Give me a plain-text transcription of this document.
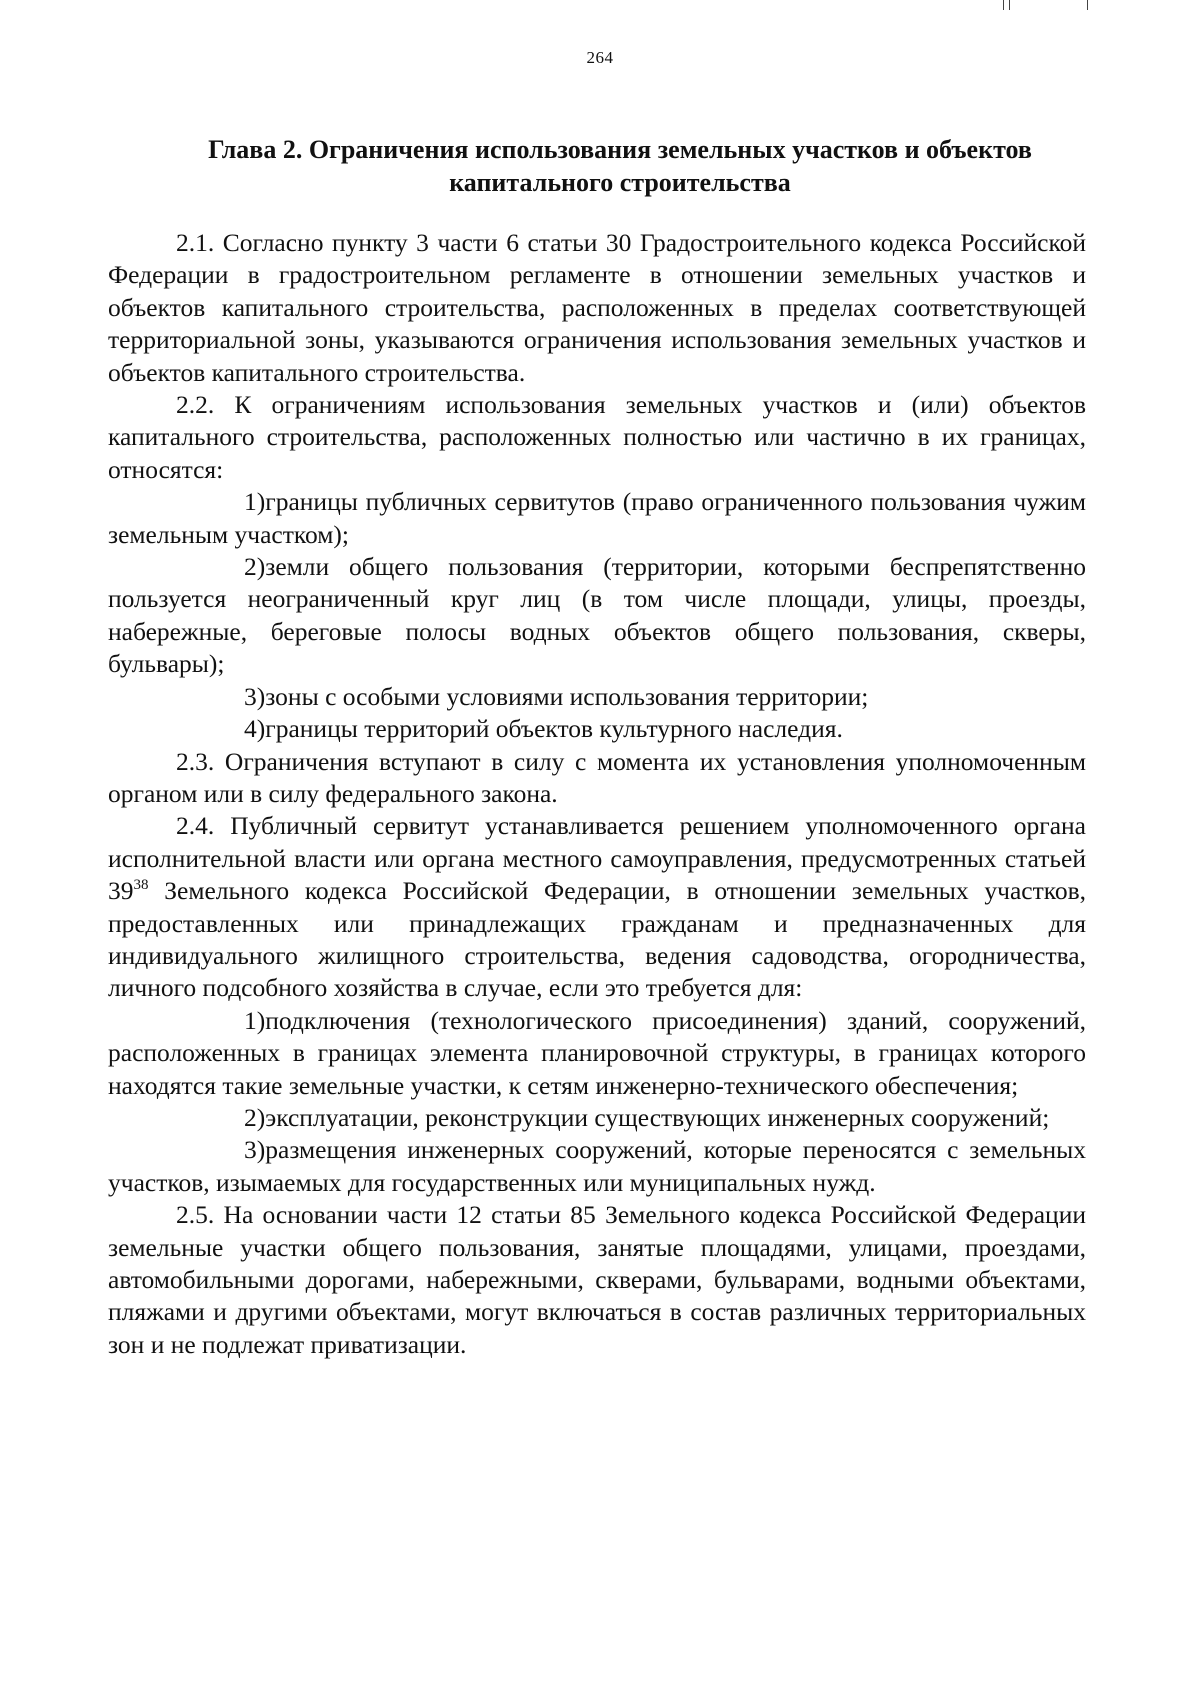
264
Глава 2. Ограничения использования земельных участков и объектов
капитального строительства

2.1. Согласно пункту 3 части 6 статьи 30 Градостроительного кодекса Российской Федерации в градостроительном регламенте в отношении земельных участков и объектов капитального строительства, расположенных в пределах соответствующей территориальной зоны, указываются ограничения использования земельных участков и объектов капитального строительства.

2.2. К ограничениям использования земельных участков и (или) объектов капитального строительства, расположенных полностью или частично в их границах, относятся:

1)границы публичных сервитутов (право ограниченного пользования чужим земельным участком);

2)земли общего пользования (территории, которыми беспрепятственно пользуется неограниченный круг лиц (в том числе площади, улицы, проезды, набережные, береговые полосы водных объектов общего пользования, скверы, бульвары);

3)зоны с особыми условиями использования территории;

4)границы территорий объектов культурного наследия.

2.3. Ограничения вступают в силу с момента их установления уполномоченным органом или в силу федерального закона.

2.4. Публичный сервитут устанавливается решением уполномоченного органа исполнительной власти или органа местного самоуправления, предусмотренных статьей $39^{38}$ Земельного кодекса Российской Федерации, в отношении земельных участков, предоставленных или принадлежащих гражданам и предназначенных для индивидуального жилищного строительства, ведения садоводства, огородничества, личного подсобного хозяйства в случае, если это требуется для:

1)подключения (технологического присоединения) зданий, сооружений, расположенных в границах элемента планировочной структуры, в границах которого находятся такие земельные участки, к сетям инженерно-технического обеспечения;

2)эксплуатации, реконструкции существующих инженерных сооружений;

3)размещения инженерных сооружений, которые переносятся с земельных участков, изымаемых для государственных или муниципальных нужд.

2.5. На основании части 12 статьи 85 Земельного кодекса Российской Федерации земельные участки общего пользования, занятые площадями, улицами, проездами, автомобильными дорогами, набережными, скверами, бульварами, водными объектами, пляжами и другими объектами, могут включаться в состав различных территориальных зон и не подлежат приватизации.
